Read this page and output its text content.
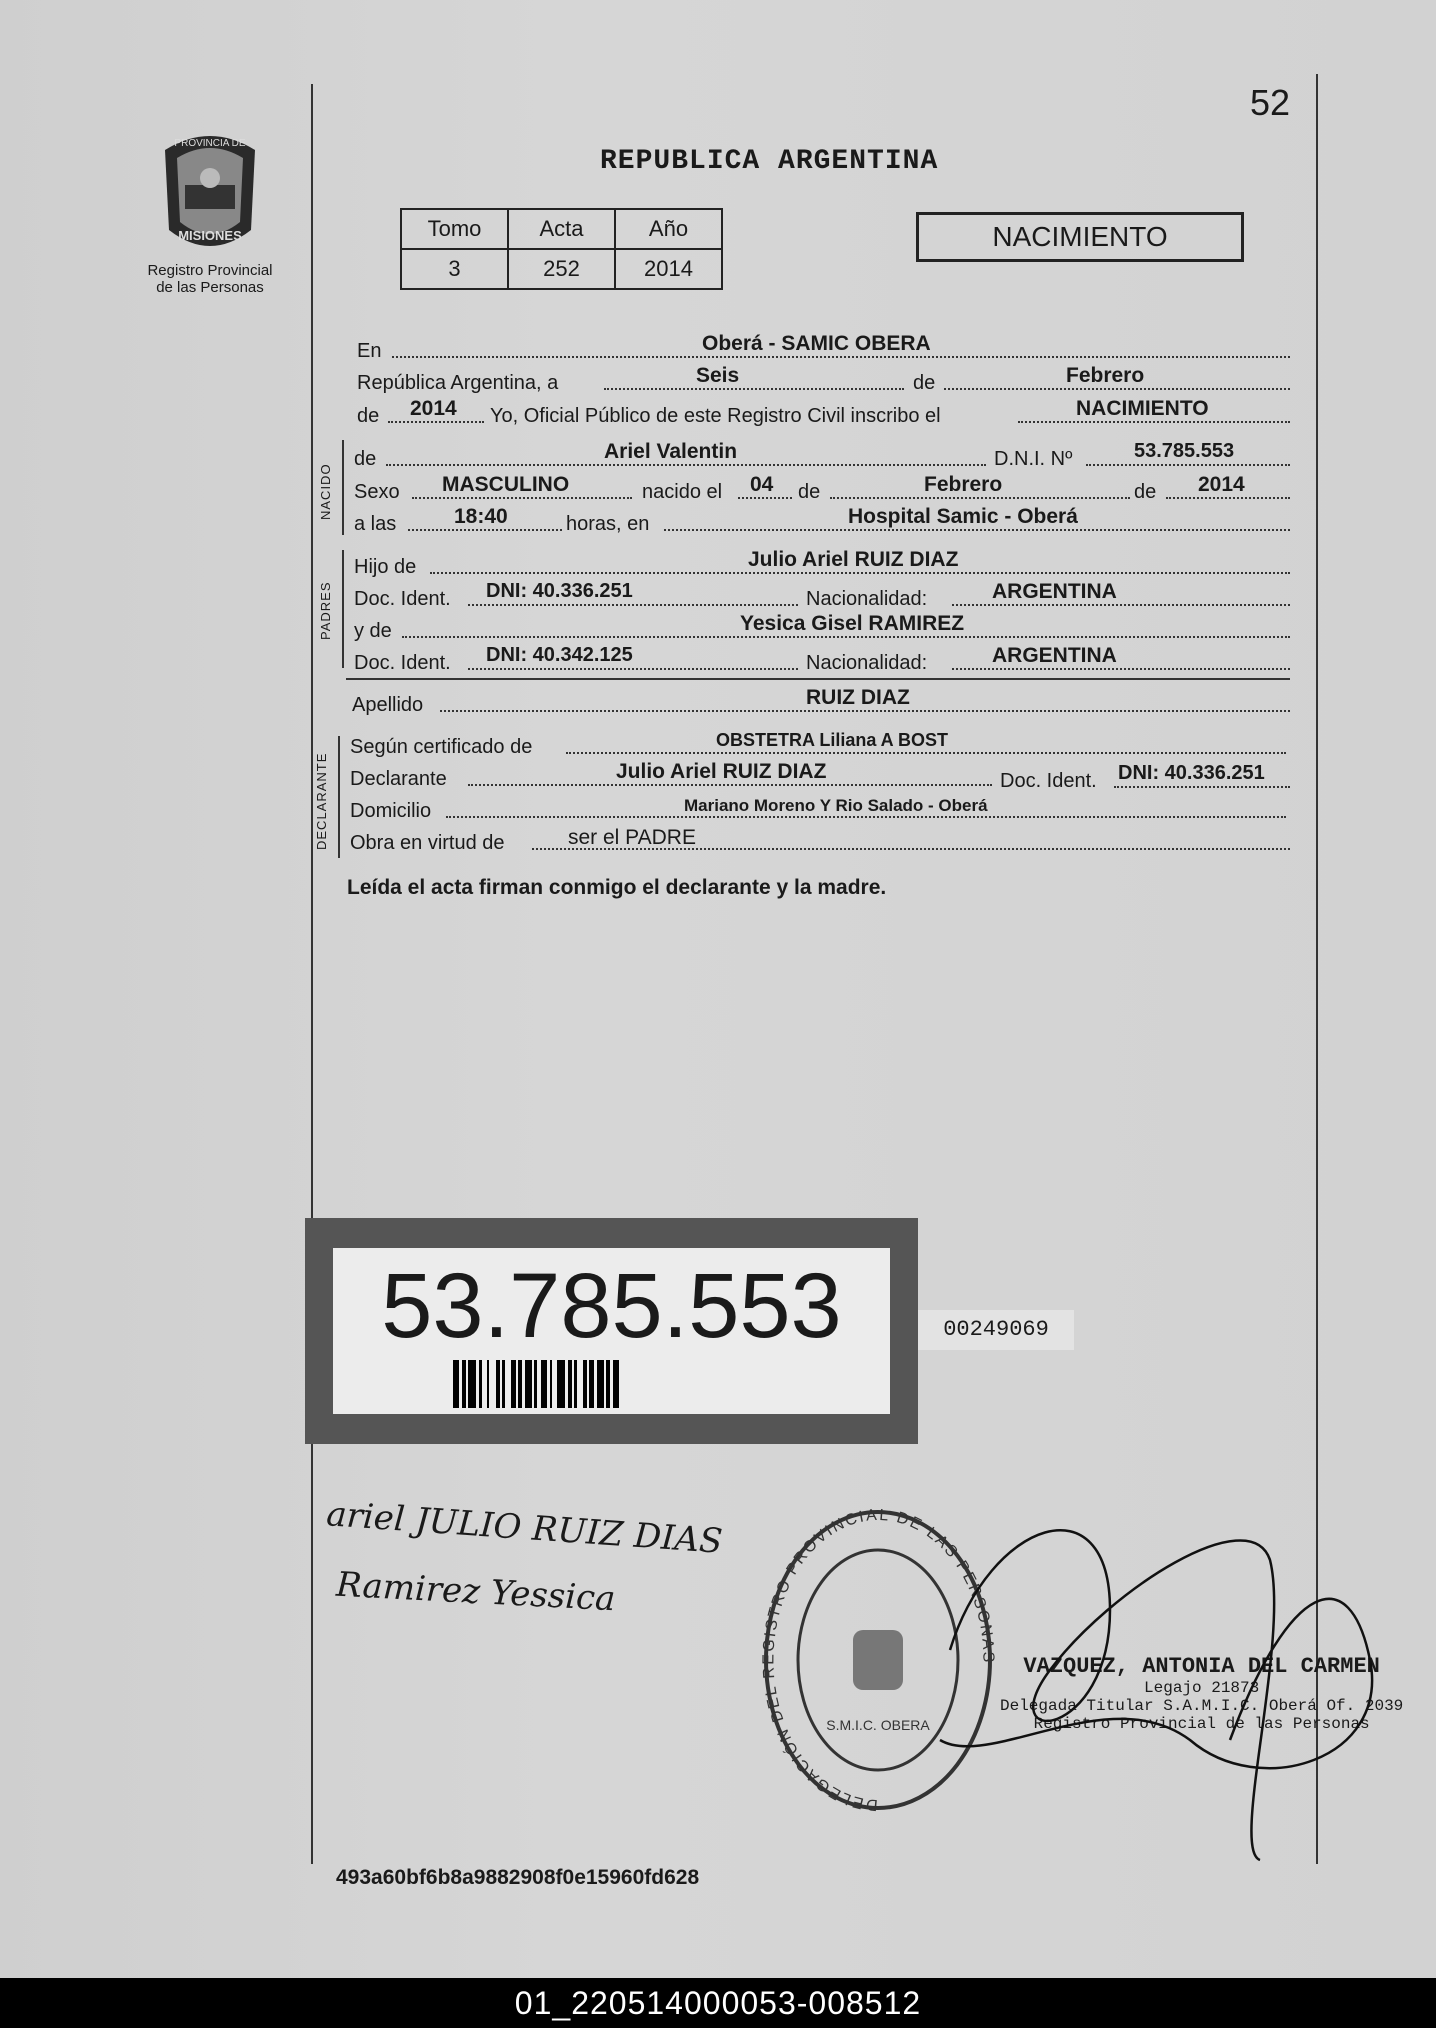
52
PROVINCIA DE
MISIONES
Registro Provincial
de las Personas
REPUBLICA ARGENTINA
Tomo	Acta	Año
3	252	2014
NACIMIENTO
En	Oberá - SAMIC OBERA
República Argentina, a	Seis	de	Febrero
de 2014 Yo, Oficial Público de este Registro Civil inscribo el	NACIMIENTO
NACIDO
de	Ariel Valentin	D.N.I. Nº	53.785.553
Sexo MASCULINO	nacido el 04 de	Febrero	de 2014
a las	18:40	horas, en	Hospital Samic - Oberá
PADRES
Hijo de	Julio Ariel RUIZ DIAZ
Doc. Ident. DNI: 40.336.251	Nacionalidad:	ARGENTINA
y de	Yesica Gisel RAMIREZ
Doc. Ident. DNI: 40.342.125	Nacionalidad:	ARGENTINA
Apellido	RUIZ DIAZ
DECLARANTE
Según certificado de	OBSTETRA Liliana A BOST
Declarante	Julio Ariel RUIZ DIAZ	Doc. Ident. DNI: 40.336.251
Domicilio	Mariano Moreno Y Rio Salado - Oberá
Obra en virtud de	ser el PADRE
Leída el acta firman conmigo el declarante y la madre.
53.785.553	00249069
ariel JULIO RUIZ DIAS
Ramirez Yessica
DELEGACIÓN DEL REGISTRO PROVINCIAL DE LAS PERSONAS
S.M.I.C. OBERA
VAZQUEZ, ANTONIA DEL CARMEN
Legajo 21873
Delegada Titular S.A.M.I.C. Oberá Of. 2039
Registro Provincial de las Personas
493a60bf6b8a9882908f0e15960fd628
01_220514000053-008512
